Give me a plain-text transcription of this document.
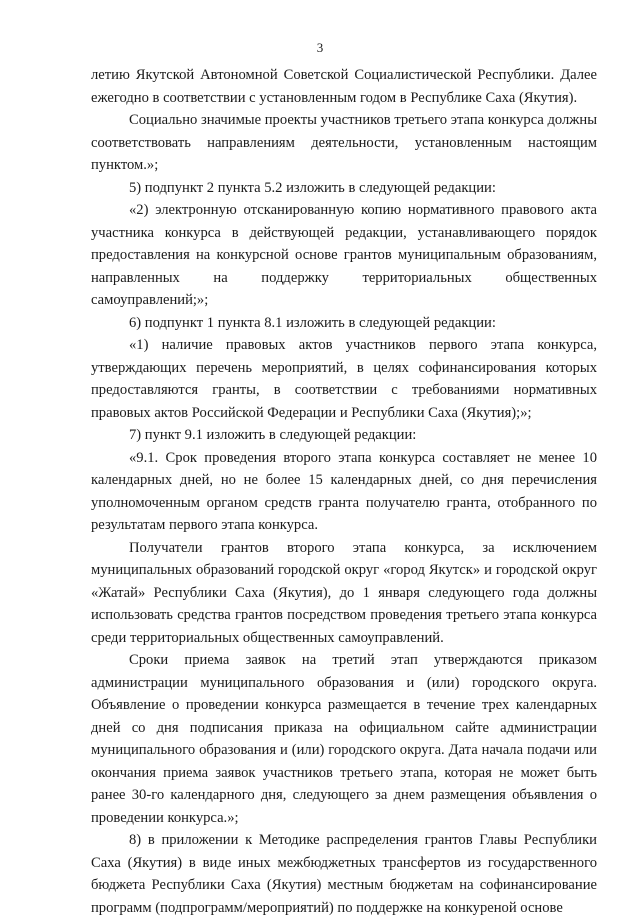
3

летию Якутской Автономной Советской Социалистической Республики. Далее ежегодно в соответствии с установленным годом в Республике Саха (Якутия).

Социально значимые проекты участников третьего этапа конкурса должны соответствовать направлениям деятельности, установленным настоящим пунктом.»;

5) подпункт 2 пункта 5.2 изложить в следующей редакции:

«2) электронную отсканированную копию нормативного правового акта участника конкурса в действующей редакции, устанавливающего порядок предоставления на конкурсной основе грантов муниципальным образованиям, направленных на поддержку территориальных общественных самоуправлений;»;

6) подпункт 1 пункта 8.1 изложить в следующей редакции:

«1) наличие правовых актов участников первого этапа конкурса, утверждающих перечень мероприятий, в целях софинансирования которых предоставляются гранты, в соответствии с требованиями нормативных правовых актов Российской Федерации и Республики Саха (Якутия);»;

7) пункт 9.1 изложить в следующей редакции:

«9.1. Срок проведения второго этапа конкурса составляет не менее 10 календарных дней, но не более 15 календарных дней, со дня перечисления уполномоченным органом средств гранта получателю гранта, отобранного по результатам первого этапа конкурса.

Получатели грантов второго этапа конкурса, за исключением муниципальных образований городской округ «город Якутск» и городской округ «Жатай» Республики Саха (Якутия), до 1 января следующего года должны использовать средства грантов посредством проведения третьего этапа конкурса среди территориальных общественных самоуправлений.

Сроки приема заявок на третий этап утверждаются приказом администрации муниципального образования и (или) городского округа. Объявление о проведении конкурса размещается в течение трех календарных дней со дня подписания приказа на официальном сайте администрации муниципального образования и (или) городского округа. Дата начала подачи или окончания приема заявок участников третьего этапа, которая не может быть ранее 30-го календарного дня, следующего за днем размещения объявления о проведении конкурса.»;

8) в приложении к Методике распределения грантов Главы Республики Саха (Якутия) в виде иных межбюджетных трансфертов из государственного бюджета Республики Саха (Якутия) местным бюджетам на софинансирование программ (подпрограмм/мероприятий) по поддержке на конкуреной основе
